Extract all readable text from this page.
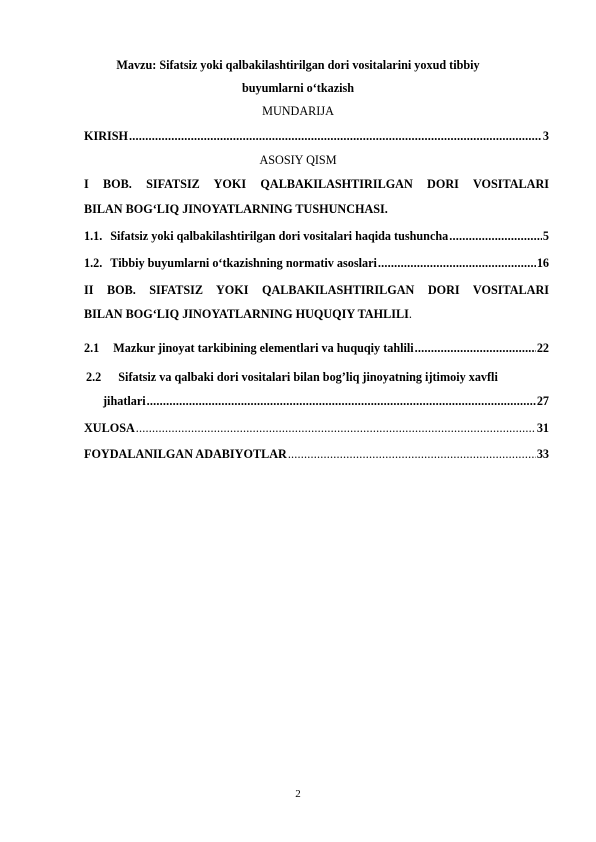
Mavzu: Sifatsiz yoki qalbakilashtirilgan dori vositalarini yoxud tibbiy
buyumlarni oʻtkazish
MUNDARIJA
KIRISH .....	3
ASOSIY QISM
I BOB. SIFATSIZ YOKI QALBAKILASHTIRILGAN DORI VOSITALARI
BILAN BOGʻLIQ JINOYATLARNING TUSHUNCHASI.
1.1. Sifatsiz yoki qalbakilashtirilgan dori vositalari haqida tushuncha .....	5
1.2. Tibbiy buyumlarni oʻtkazishning normativ asoslari .....	16
II BOB. SIFATSIZ YOKI QALBAKILASHTIRILGAN DORI VOSITALARI
BILAN BOGʻLIQ JINOYATLARNING HUQUQIY TAHLILI.
2.1 Mazkur jinoyat tarkibining elementlari va huquqiy tahlili .....	22
2.2 Sifatsiz va qalbaki dori vositalari bilan bog’liq jinoyatning ijtimoiy xavfli
jihatlari .....	27
XULOSA .....	31
FOYDALANILGAN ADABIYOTLAR .....	33
2
